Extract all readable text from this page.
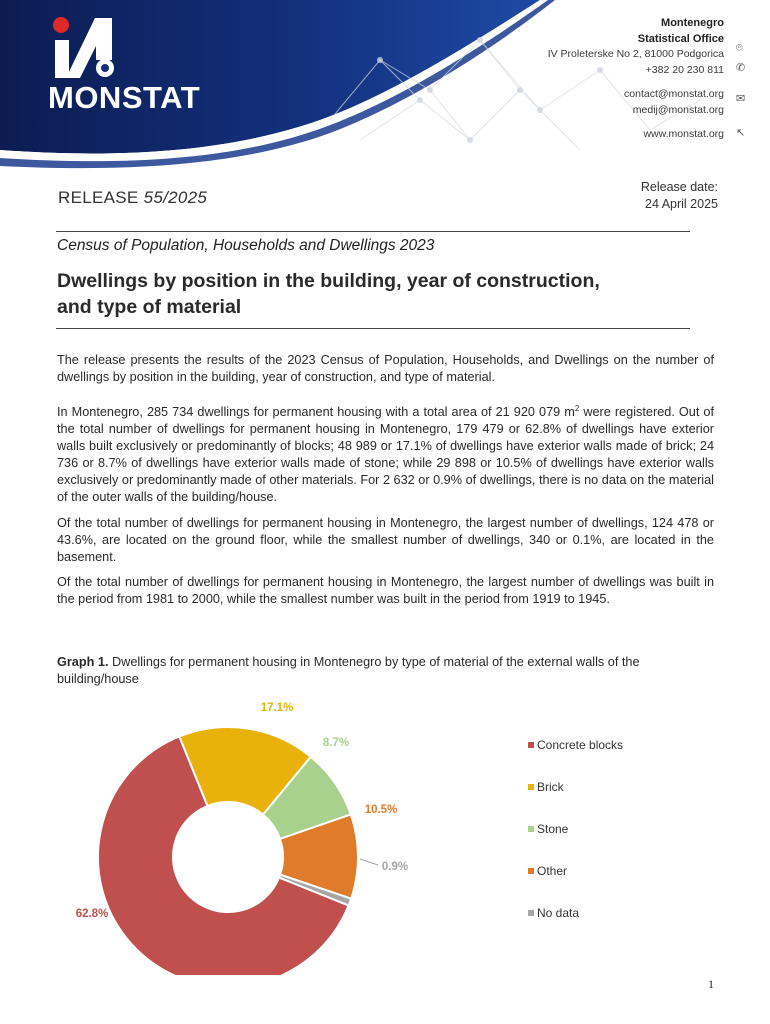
MONSTAT
Montenegro
Statistical Office
IV Proleterske No 2, 81000 Podgorica
+382 20 230 811
contact@monstat.org
medij@monstat.org
www.monstat.org
⌾
✆
✉
↖
RELEASE 55/2025
Release date:
24 April 2025
Census of Population, Households and Dwellings 2023
Dwellings by position in the building, year of construction,
and type of material
The release presents the results of the 2023 Census of Population, Households, and Dwellings on the number of dwellings by position in the building, year of construction, and type of material.
In Montenegro, 285 734 dwellings for permanent housing with a total area of 21 920 079 $m^2$ were registered. Out of the total number of dwellings for permanent housing in Montenegro, 179 479 or 62.8% of dwellings have exterior walls built exclusively or predominantly of blocks; 48 989 or 17.1% of dwellings have exterior walls made of brick; 24 736 or 8.7% of dwellings have exterior walls made of stone; while 29 898 or 10.5% of dwellings have exterior walls exclusively or predominantly made of other materials. For 2 632 or 0.9% of dwellings, there is no data on the material of the outer walls of the building/house.
Of the total number of dwellings for permanent housing in Montenegro, the largest number of dwellings, 124 478 or 43.6%, are located on the ground floor, while the smallest number of dwellings, 340 or 0.1%, are located in the basement.
Of the total number of dwellings for permanent housing in Montenegro, the largest number of dwellings was built in the period from 1981 to 2000, while the smallest number was built in the period from 1919 to 1945.
Graph 1. Dwellings for permanent housing in Montenegro by type of material of the external walls of the building/house
17.1%
8.7%
10.5%
0.9%
62.8%
Concrete blocks
Brick
Stone
Other
No data
1
